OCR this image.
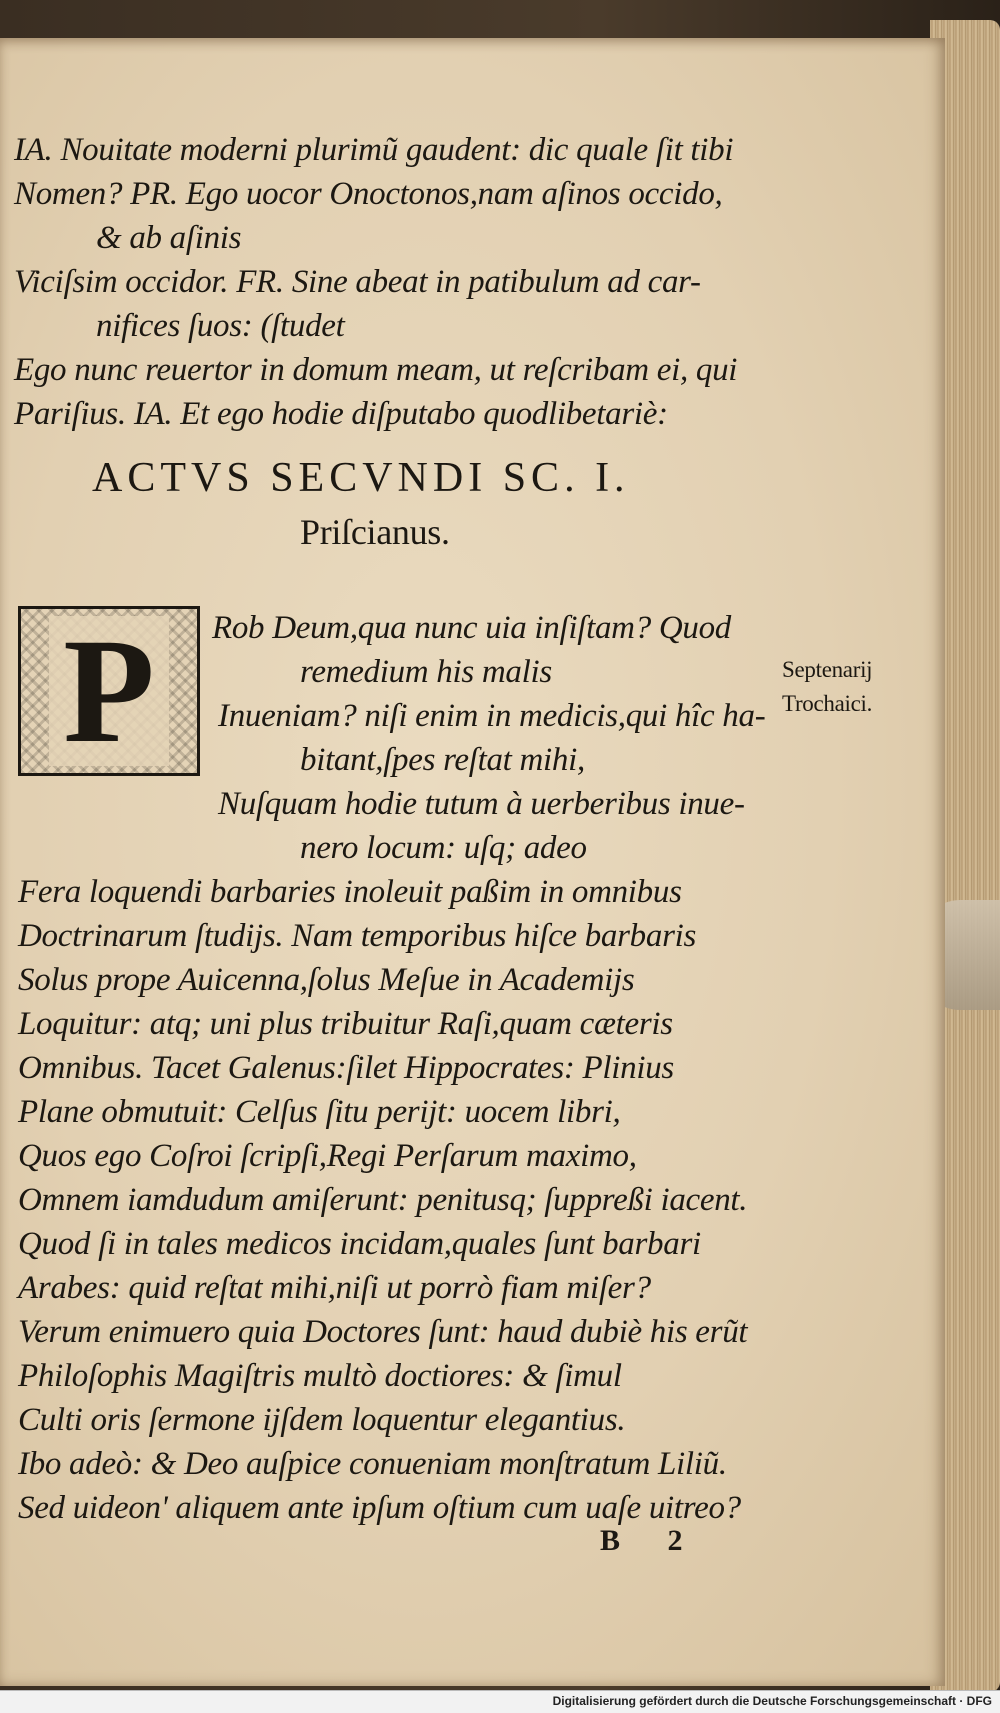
IA. Nouitate moderni plurimũ gaudent: dic quale ſit tibi
Nomen? PR. Ego uocor Onoctonos,nam aſinos occido,
& ab aſinis
Viciſsim occidor. FR. Sine abeat in patibulum ad car-
nifices ſuos: (ſtudet
Ego nunc reuertor in domum meam, ut reſcribam ei, qui
Pariſius. IA. Et ego hodie diſputabo quodlibetariè:
ACTVS SECVNDI SC. I.
Priſcianus.
P	Septenarij
Trochaici.
Rob Deum,qua nunc uia inſiſtam? Quod
remedium his malis
Inueniam? niſi enim in medicis,qui hîc ha-
bitant,ſpes reſtat mihi,
Nuſquam hodie tutum à uerberibus inue-
nero locum: uſq; adeo
Fera loquendi barbaries inoleuit paßim in omnibus
Doctrinarum ſtudijs. Nam temporibus hiſce barbaris
Solus prope Auicenna,ſolus Meſue in Academijs
Loquitur: atq; uni plus tribuitur Raſi,quam cæteris
Omnibus. Tacet Galenus:ſilet Hippocrates: Plinius
Plane obmutuit: Celſus ſitu perijt: uocem libri,
Quos ego Coſroi ſcripſi,Regi Perſarum maximo,
Omnem iamdudum amiſerunt: penitusq; ſuppreßi iacent.
Quod ſi in tales medicos incidam,quales ſunt barbari
Arabes: quid reſtat mihi,niſi ut porrò fiam miſer?
Verum enimuero quia Doctores ſunt: haud dubiè his erũt
Philoſophis Magiſtris multò doctiores: & ſimul
Culti oris ſermone ijſdem loquentur elegantius.
Ibo adeò: & Deo auſpice conueniam monſtratum Liliũ.
Sed uideon' aliquem ante ipſum oſtium cum uaſe uitreo?
B 2
Digitalisierung gefördert durch die Deutsche Forschungsgemeinschaft · DFG
